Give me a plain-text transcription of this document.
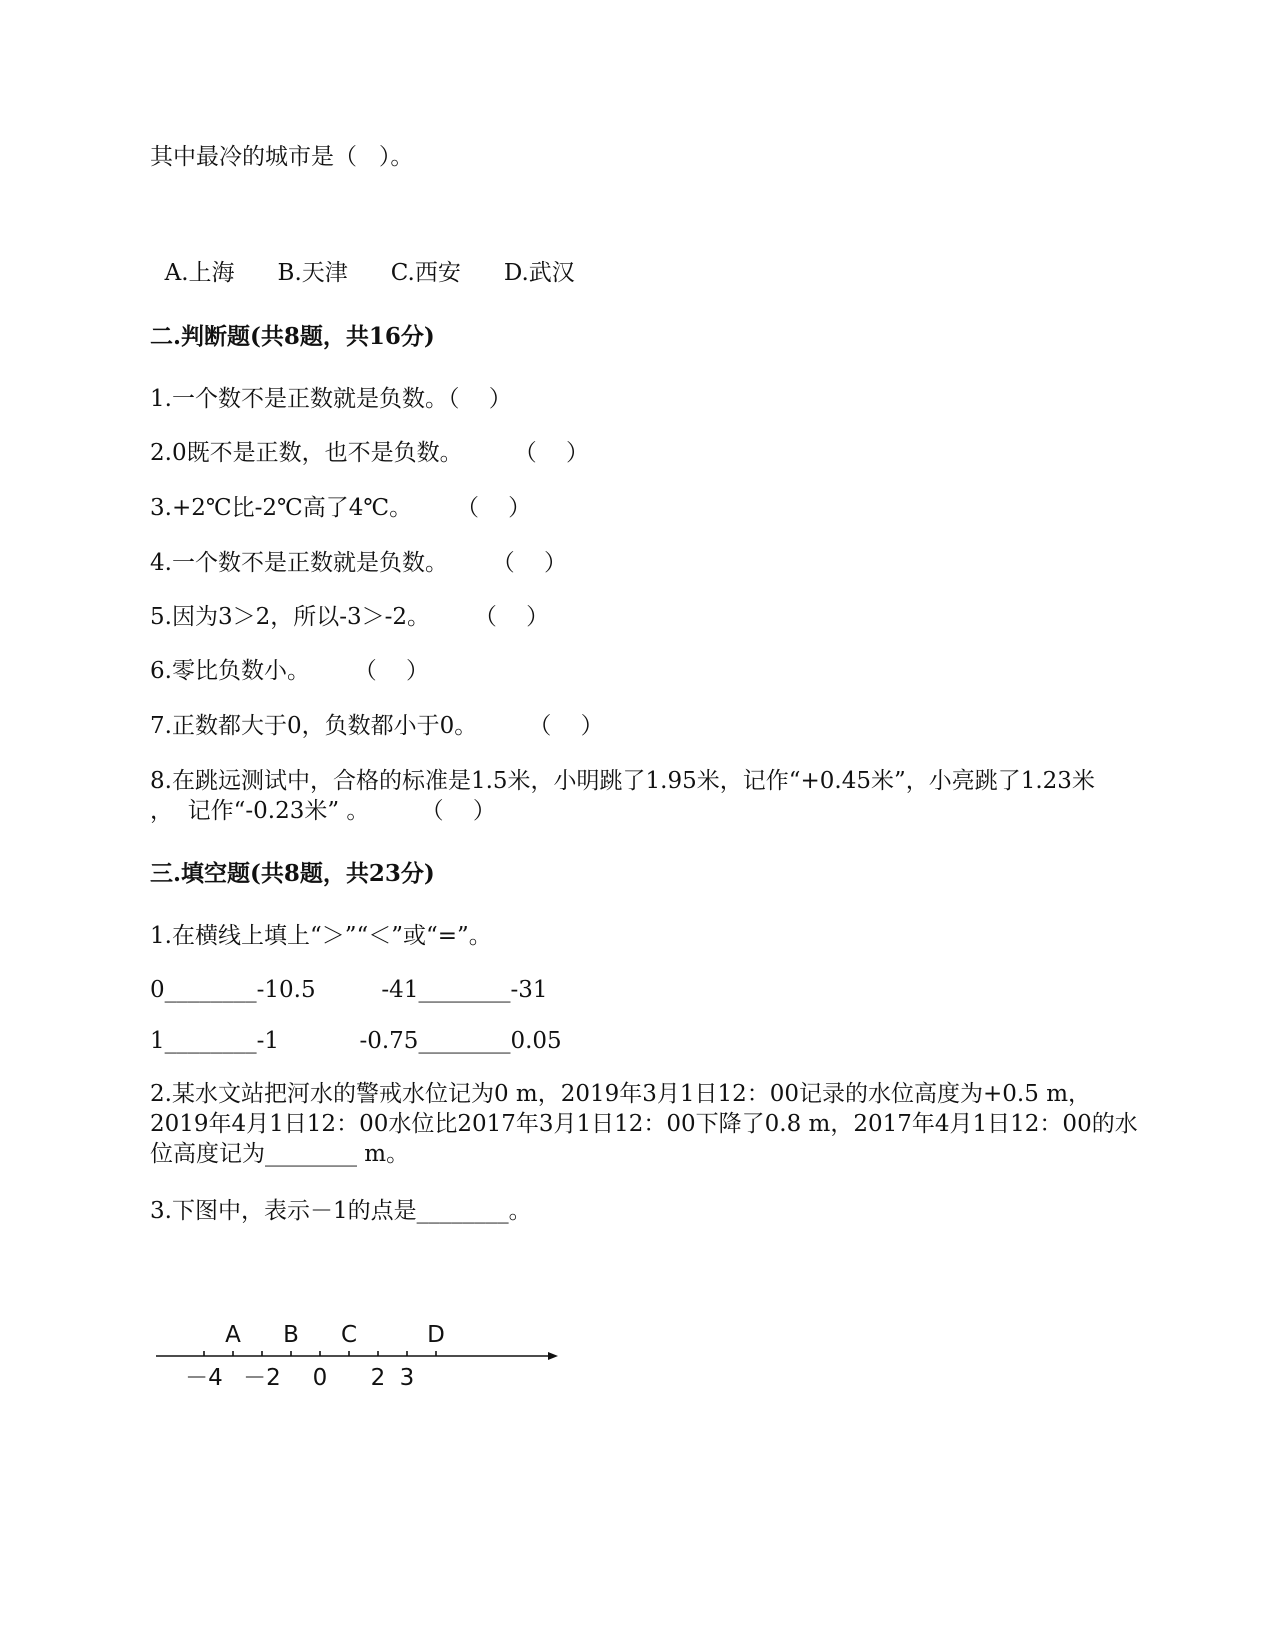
其中最冷的城市是（   ）。

A.上海 B.天津 C.西安 D.武汉

二.判断题(共8题，共16分)
1.一个数不是正数就是负数。（    ）
2.0既不是正数，也不是负数。       （    ）
3.+2℃比-2℃高了4℃。      （    ）
4.一个数不是正数就是负数。      （    ）
5.因为3＞2，所以-3＞-2。      （    ）
6.零比负数小。      （    ）
7.正数都大于0，负数都小于0。       （    ）
8.在跳远测试中，合格的标准是1.5米，小明跳了1.95米，记作“+0.45米”，小亮跳了1.23米
，  记作“-0.23米” 。       （    ）
三.填空题(共8题，共23分)
1.在横线上填上“＞”“＜”或“=”。
0________-10.5         -41________-31
1________-1           -0.75________0.05
2.某水文站把河水的警戒水位记为0 m，2019年3月1日12：00记录的水位高度为+0.5 m，
2019年4月1日12：00水位比2017年3月1日12：00下降了0.8 m，2017年4月1日12：00的水
位高度记为________ m。
3.下图中，表示－1的点是________。
－4 －2 0 2 3
A B C	D
